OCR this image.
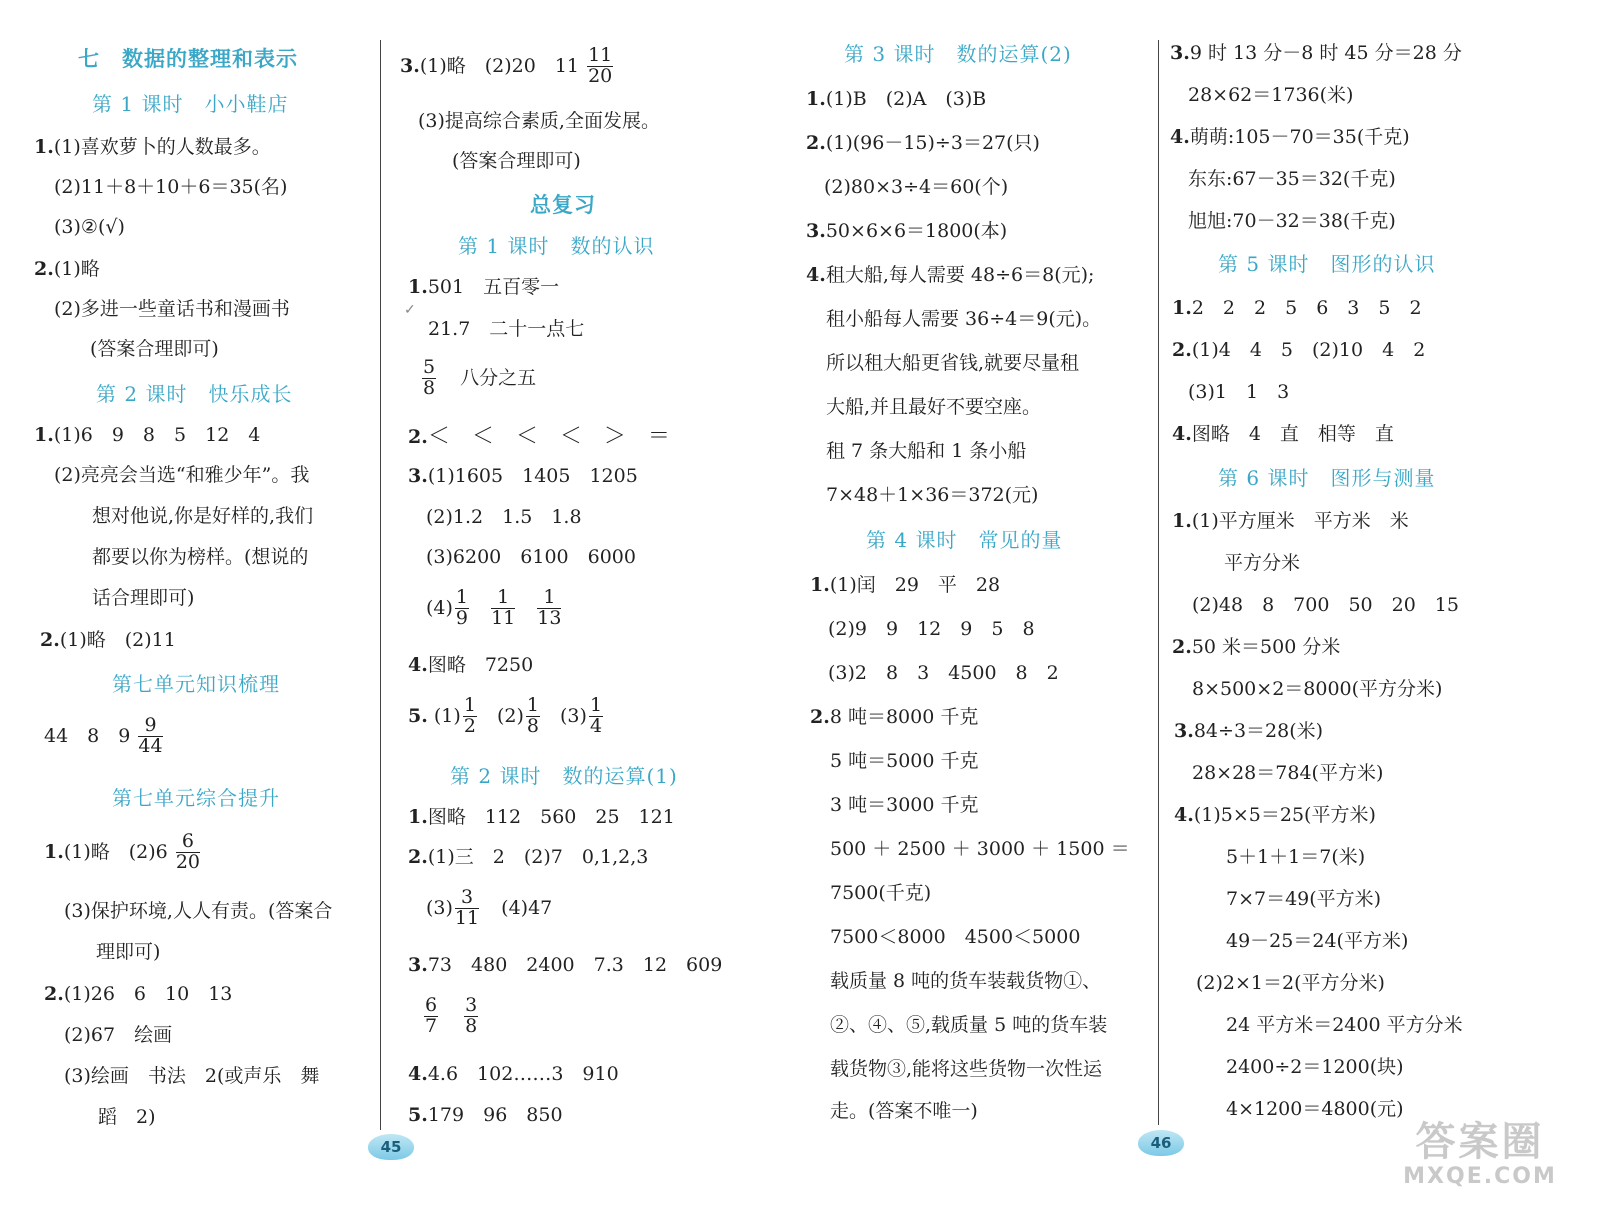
七　数据的整理和表示
第 1 课时　小小鞋店
1.(1)喜欢萝卜的人数最多。
(2)11＋8＋10＋6＝35(名)
(3)②(√)
2.(1)略
(2)多进一些童话书和漫画书
(答案合理即可)
第 2 课时　快乐成长
1.(1)6　9　8　5　12　4
(2)亮亮会当选“和雅少年”。我
想对他说,你是好样的,我们
都要以你为榜样。(想说的
话合理即可)
2.(1)略　(2)11
第七单元知识梳理
44　8　$9 \frac{9}{44}$
第七单元综合提升
1.(1)略　$(2)6 \frac{6}{20}$
(3)保护环境,人人有责。(答案合
理即可)
2.(1)26　6　10　13
(2)67　绘画
(3)绘画　书法　2(或声乐　舞
蹈　2)
3.(1)略　(2)20　$11 \frac{11}{20}$
(3)提高综合素质,全面发展。
(答案合理即可)
总复习
第 1 课时　数的认识
1.501　五百零一
21.7　二十一点七
✓
$\frac{5}{8}$ 八分之五
2.＜　＜　＜　＜　＞　＝
3.(1)1605　1405　1205
(2)1.2　1.5　1.8
(3)6200　6100　6000
$(4) \frac{1}{9}$
$\frac{1}{11}$
$\frac{1}{13}$
4.图略　7250
5. $(1) \frac{1}{2} (2) \frac{1}{8} (3) \frac{1}{4}$
第 2 课时　数的运算(1)
1.图略　112　560　25　121
2.(1)三　2　(2)7　0,1,2,3
$(3) \frac{3}{11} (4)47$
3.73　480　2400　7.3　12　609
$\frac{6}{7}$
$\frac{3}{8}$
4.4.6　102……3　910
5.179　96　850
45
第 3 课时　数的运算(2)
1.(1)B　(2)A　(3)B
2.(1)(96－15)÷3＝27(只)
(2)80×3÷4＝60(个)
3.50×6×6＝1800(本)
4.租大船,每人需要 48÷6＝8(元);
租小船每人需要 36÷4＝9(元)。
所以租大船更省钱,就要尽量租
大船,并且最好不要空座。
租 7 条大船和 1 条小船
7×48＋1×36＝372(元)
第 4 课时　常见的量
1.(1)闰　29　平　28
(2)9　9　12　9　5　8
(3)2　8　3　4500　8　2
2.8 吨＝8000 千克
5 吨＝5000 千克
3 吨＝3000 千克
500 ＋ 2500 ＋ 3000 ＋ 1500 ＝
7500(千克)
7500＜8000　4500＜5000
载质量 8 吨的货车装载货物①、
②、④、⑤,载质量 5 吨的货车装
载货物③,能将这些货物一次性运
走。(答案不唯一)
3.9 时 13 分－8 时 45 分＝28 分
28×62＝1736(米)
4.萌萌:105－70＝35(千克)
东东:67－35＝32(千克)
旭旭:70－32＝38(千克)
第 5 课时　图形的认识
1.2　2　2　5　6　3　5　2
2.(1)4　4　5　(2)10　4　2
(3)1　1　3
4.图略　4　直　相等　直
第 6 课时　图形与测量
1.(1)平方厘米　平方米　米
平方分米
(2)48　8　700　50　20　15
2.50 米＝500 分米
8×500×2＝8000(平方分米)
3.84÷3＝28(米)
28×28＝784(平方米)
4.(1)5×5＝25(平方米)
5＋1＋1＝7(米)
7×7＝49(平方米)
49－25＝24(平方米)
(2)2×1＝2(平方分米)
24 平方米＝2400 平方分米
2400÷2＝1200(块)
4×1200＝4800(元)
46	答案圈
MXQE.COM
